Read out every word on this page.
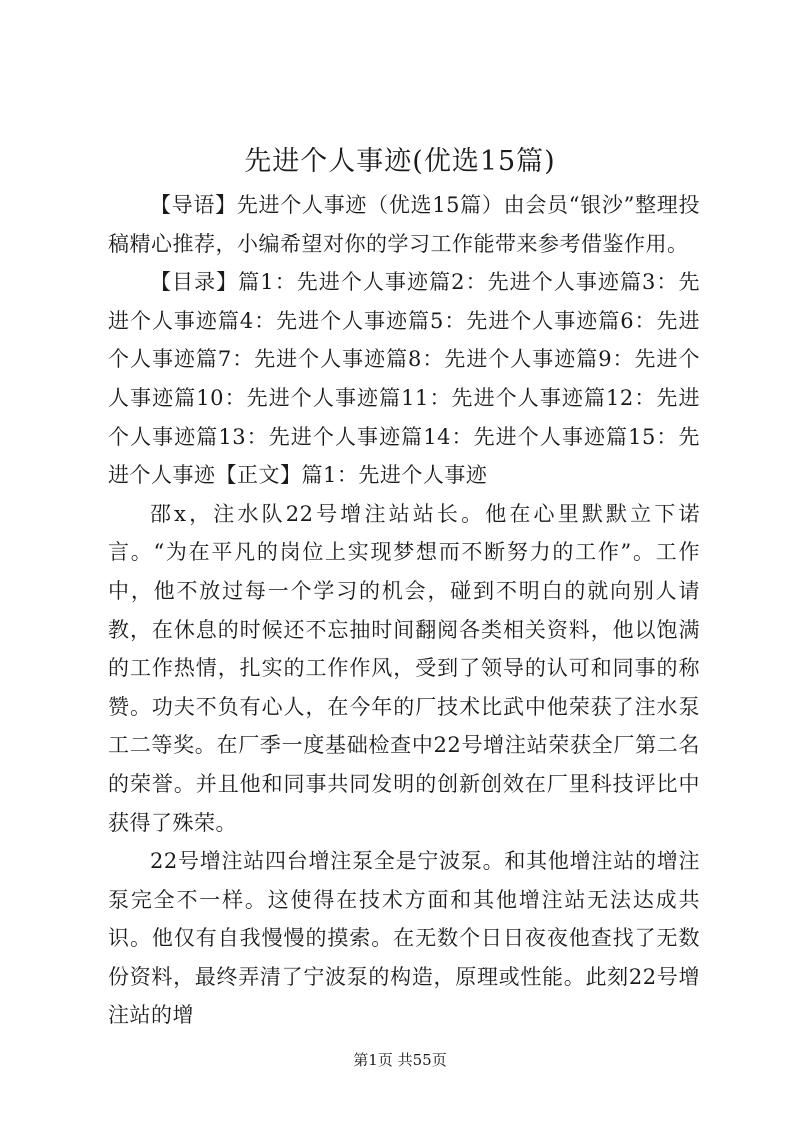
先进个人事迹(优选15篇)

【导语】先进个人事迹（优选15篇）由会员“银沙”整理投稿精心推荐，小编希望对你的学习工作能带来参考借鉴作用。

【目录】篇1：先进个人事迹篇2：先进个人事迹篇3：先进个人事迹篇4：先进个人事迹篇5：先进个人事迹篇6：先进个人事迹篇7：先进个人事迹篇8：先进个人事迹篇9：先进个人事迹篇10：先进个人事迹篇11：先进个人事迹篇12：先进个人事迹篇13：先进个人事迹篇14：先进个人事迹篇15：先进个人事迹【正文】篇1：先进个人事迹

邵x，注水队22号增注站站长。他在心里默默立下诺言。“为在平凡的岗位上实现梦想而不断努力的工作”。工作中，他不放过每一个学习的机会，碰到不明白的就向别人请教，在休息的时候还不忘抽时间翻阅各类相关资料，他以饱满的工作热情，扎实的工作作风，受到了领导的认可和同事的称赞。功夫不负有心人，在今年的厂技术比武中他荣获了注水泵工二等奖。在厂季一度基础检查中22号增注站荣获全厂第二名的荣誉。并且他和同事共同发明的创新创效在厂里科技评比中获得了殊荣。

22号增注站四台增注泵全是宁波泵。和其他增注站的增注泵完全不一样。这使得在技术方面和其他增注站无法达成共识。他仅有自我慢慢的摸索。在无数个日日夜夜他查找了无数份资料，最终弄清了宁波泵的构造，原理或性能。此刻22号增注站的增

第1页 共55页
